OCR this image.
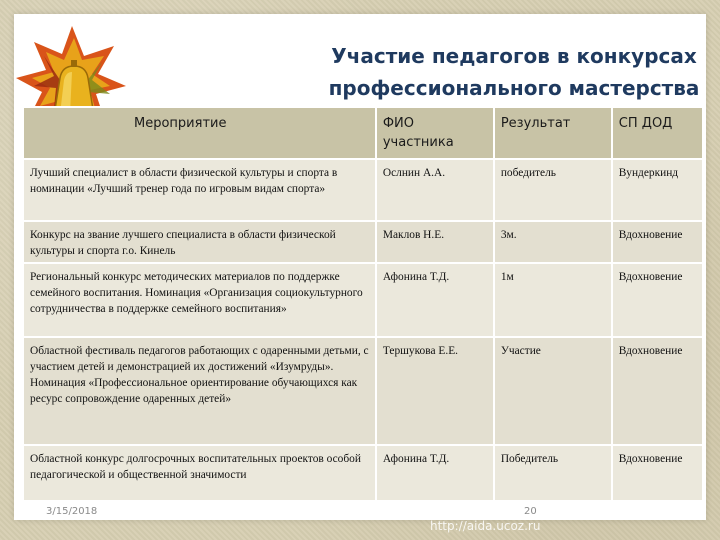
Участие педагогов в конкурсах
профессионального мастерства
Мероприятие	ФИО участника	Результат	СП ДОД
Лучший специалист в области физической культуры и спорта в номинации «Лучший тренер года по игровым видам спорта»	Ослнин А.А.	победитель	Вундеркинд
Конкурс на звание лучшего специалиста в области физической культуры и спорта г.о. Кинель	Маклов Н.Е.	3м.	Вдохновение
Региональный конкурс методических материалов по поддержке семейного воспитания. Номинация «Организация социокультурного сотрудничества в поддержке семейного воспитания»	Афонина Т.Д.	1м	Вдохновение
Областной фестиваль педагогов работающих с одаренными детьми, с участием детей и демонстрацией их достижений «Изумруды». Номинация «Профессиональное ориентирование обучающихся как ресурс сопровождение одаренных детей»	Тершукова Е.Е.	Участие	Вдохновение
Областной конкурс долгосрочных воспитательных проектов особой педагогической и общественной значимости	Афонина Т.Д.	Победитель	Вдохновение
3/15/2018	20
http://aida.ucoz.ru
